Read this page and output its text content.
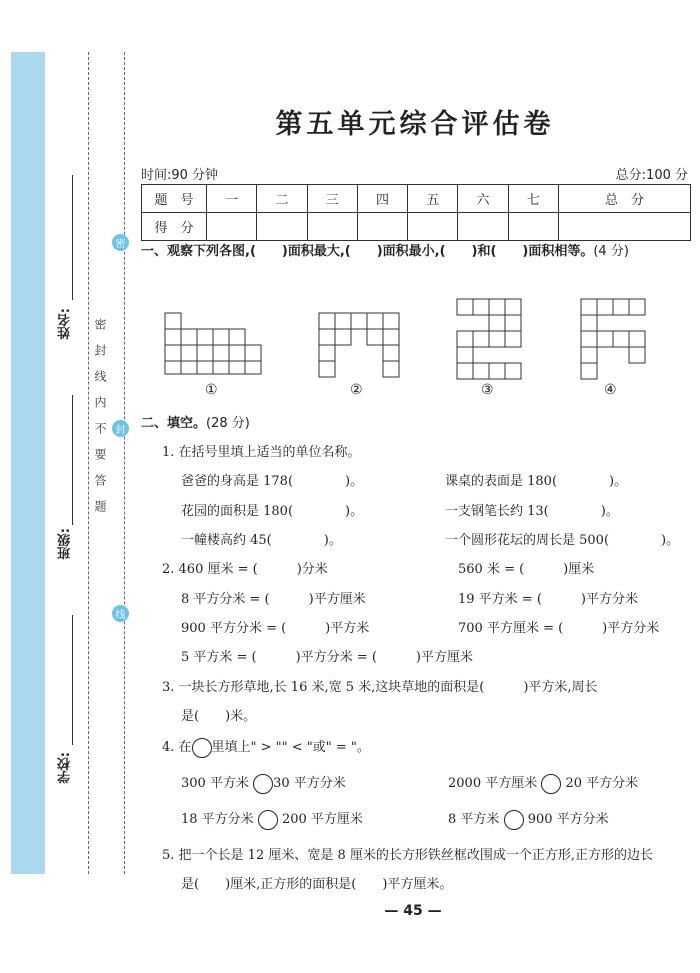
姓名:
班级:
学校:
密
封
线
密封线内不要答题
第五单元综合评估卷
时间:90 分钟	总分:100 分
题　号	一	二	三	四	五	六	七	总　分
得　分								
一、观察下列各图,(　　)面积最大,(　　)面积最小,(　　)和(　　)面积相等。(4 分)
①	②	③	④
二、填空。(28 分)
1. 在括号里填上适当的单位名称。
爸爸的身高是 178(　　　　)。	课桌的表面是 180(　　　　)。
花园的面积是 180(　　　　)。	一支钢笔长约 13(　　　　)。
一幢楼高约 45(　　　　)。	一个圆形花坛的周长是 500(　　　　)。
2. 460 厘米 = (　　　)分米	560 米 = (　　　)厘米
8 平方分米 = (　　　)平方厘米	19 平方米 = (　　　)平方分米
900 平方分米 = (　　　)平方米	700 平方厘米 = (　　　)平方分米
5 平方米 = (　　　)平方分米 = (　　　)平方厘米
3. 一块长方形草地,长 16 米,宽 5 米,这块草地的面积是(　　　)平方米,周长
是(　　)米。
4. 在 里填上" > "" < "或" = "。
300 平方米 30 平方分米	2000 平方厘米 20 平方分米
18 平方分米 200 平方厘米	8 平方米 900 平方分米
5. 把一个长是 12 厘米、宽是 8 厘米的长方形铁丝框改围成一个正方形,正方形的边长
是(　　)厘米,正方形的面积是(　　)平方厘米。
— 45 —
